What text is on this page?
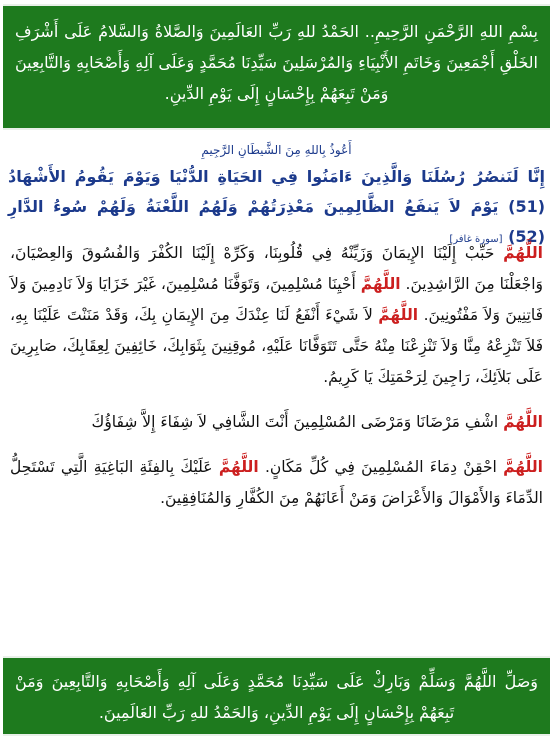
بِسْمِ اللهِ الرَّحْمَنِ الرَّحِيمِ.. الحَمْدُ للهِ رَبِّ العَالَمِينَ وَالصَّلاةُ وَالسَّلامُ عَلَى أَشْرَفِ الخَلْقِ أَجْمَعِينَ وَخَاتَمِ الأَنْبِيَاءِ وَالمُرْسَلِينَ سَيِّدِنَا مُحَمَّدٍ وَعَلَى آلِهِ وَأَصْحَابِهِ وَالتَّابِعِينَ وَمَنْ تَبِعَهُمْ بِإِحْسَانٍ إِلَى يَوْمِ الدِّينِ.
أَعُوذُ بِاللهِ مِنَ الشَّيطَانِ الرَّجِيمِ
إِنَّا لَنَنصُرُ رُسُلَنَا وَالَّذِينَ ءَامَنُوا فِي الحَيَاةِ الدُّنْيَا وَيَوْمَ يَقُومُ الأَشْهَادُ (51) يَوْمَ لاَ يَنفَعُ الظَّالِمِينَ مَعْذِرَتُهُمْ وَلَهُمُ اللَّعْنَةُ وَلَهُمْ سُوءُ الدَّارِ (52) [سورة غافر]

اللَّهُمَّ حَبِّبْ إِلَيْنَا الإِيمَانَ وَزَيِّنْهُ فِي قُلُوبِنَا، وَكَرِّهْ إِلَيْنَا الكُفْرَ وَالفُسُوقَ وَالعِصْيَانَ، وَاجْعَلْنَا مِنَ الرَّاشِدِينَ. اللَّهُمَّ أَحْيِنَا مُسْلِمِينَ، وَتَوَفَّنَا مُسْلِمِينَ، غَيْرَ خَزَايَا وَلاَ نَادِمِينَ وَلاَ فَاتِنِينَ وَلاَ مَفْتُونِينَ. اللَّهُمَّ لاَ شَيْءَ أَنْفَعُ لَنَا عِنْدَكَ مِنَ الإِيمَانِ بِكَ، وَقَدْ مَنَنْتَ عَلَيْنَا بِهِ، فَلاَ تَنْزِعْهُ مِنَّا وَلاَ تَنْزِعْنَا مِنْهُ حَتَّى تَتَوَفَّانَا عَلَيْهِ، مُوقِنِينَ بِثَوَابِكَ، خَائِفِينَ لِعِقَابِكَ، صَابِرِينَ عَلَى بَلاَئِكَ، رَاجِينَ لِرَحْمَتِكَ يَا كَرِيمُ.

اللَّهُمَّ اشْفِ مَرْضَانَا وَمَرْضَى المُسْلِمِينَ أَنْتَ الشَّافِي لاَ شِفَاءَ إِلاَّ شِفَاؤُكَ

اللَّهُمَّ احْقِنْ دِمَاءَ المُسْلِمِينَ فِي كُلِّ مَكَانٍ. اللَّهُمَّ عَلَيْكَ بِالفِئَةِ البَاغِيَةِ الَّتِي تَسْتَحِلُّ الدِّمَاءَ وَالأَمْوَالَ وَالأَعْرَاضَ وَمَنْ أَعَانَهُمْ مِنَ الكُفَّارِ وَالمُنَافِقِينَ.

وَصَلِّ اللَّهُمَّ وَسَلِّمْ وَبَارِكْ عَلَى سَيِّدِنَا مُحَمَّدٍ وَعَلَى آلِهِ وَأَصْحَابِهِ وَالتَّابِعِينَ وَمَنْ تَبِعَهُمْ بِإِحْسَانٍ إِلَى يَوْمِ الدِّينِ، وَالحَمْدُ للهِ رَبِّ العَالَمِينَ.
